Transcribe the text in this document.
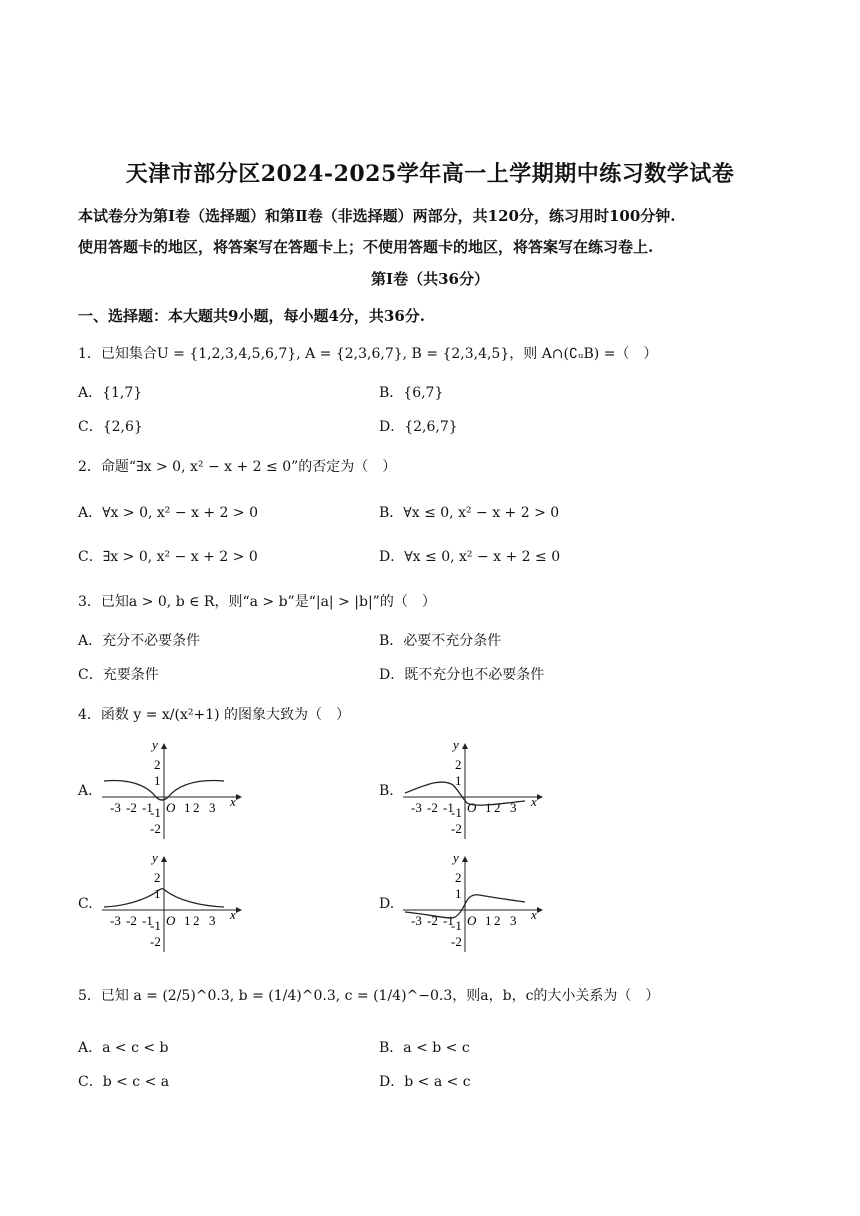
天津市部分区2024-2025学年高一上学期期中练习数学试卷
本试卷分为第Ⅰ卷（选择题）和第Ⅱ卷（非选择题）两部分，共120分，练习用时100分钟.
使用答题卡的地区，将答案写在答题卡上；不使用答题卡的地区，将答案写在练习卷上.
第Ⅰ卷（共36分）
一、选择题：本大题共9小题，每小题4分，共36分.
1．已知集合U = {1,2,3,4,5,6,7}, A = {2,3,6,7}, B = {2,3,4,5}，则 A∩(∁ᵤB) =（　）
A．{1,7}	B．{6,7}
C．{2,6}	D．{2,6,7}
2．命题“∃x > 0, x² − x + 2 ≤ 0”的否定为（　）
A．∀x > 0, x² − x + 2 > 0	B．∀x ≤ 0, x² − x + 2 > 0
C．∃x > 0, x² − x + 2 > 0	D．∀x ≤ 0, x² − x + 2 ≤ 0
3．已知a > 0, b ∈ R，则“a > b”是“|a| > |b|”的（　）
A．充分不必要条件	B．必要不充分条件
C．充要条件	D．既不充分也不必要条件
4．函数 y = x/(x²+1) 的图象大致为（　）
A.	B.
C.	D.
y
x
O
-3 -2 -1 1 2 3
2
1
-1
-2
y
x
O
-3 -2 -1 1 2 3
2
1
-1
-2
y
x
O
-3 -2 -1 1 2 3
2
1
-1
-2
y
x
O
-3 -2 -1 1 2 3
2
1
-1
-2
5．已知 a = (2/5)^0.3, b = (1/4)^0.3, c = (1/4)^−0.3，则a，b，c的大小关系为（　）
A．a < c < b	B．a < b < c
C．b < c < a	D．b < a < c
